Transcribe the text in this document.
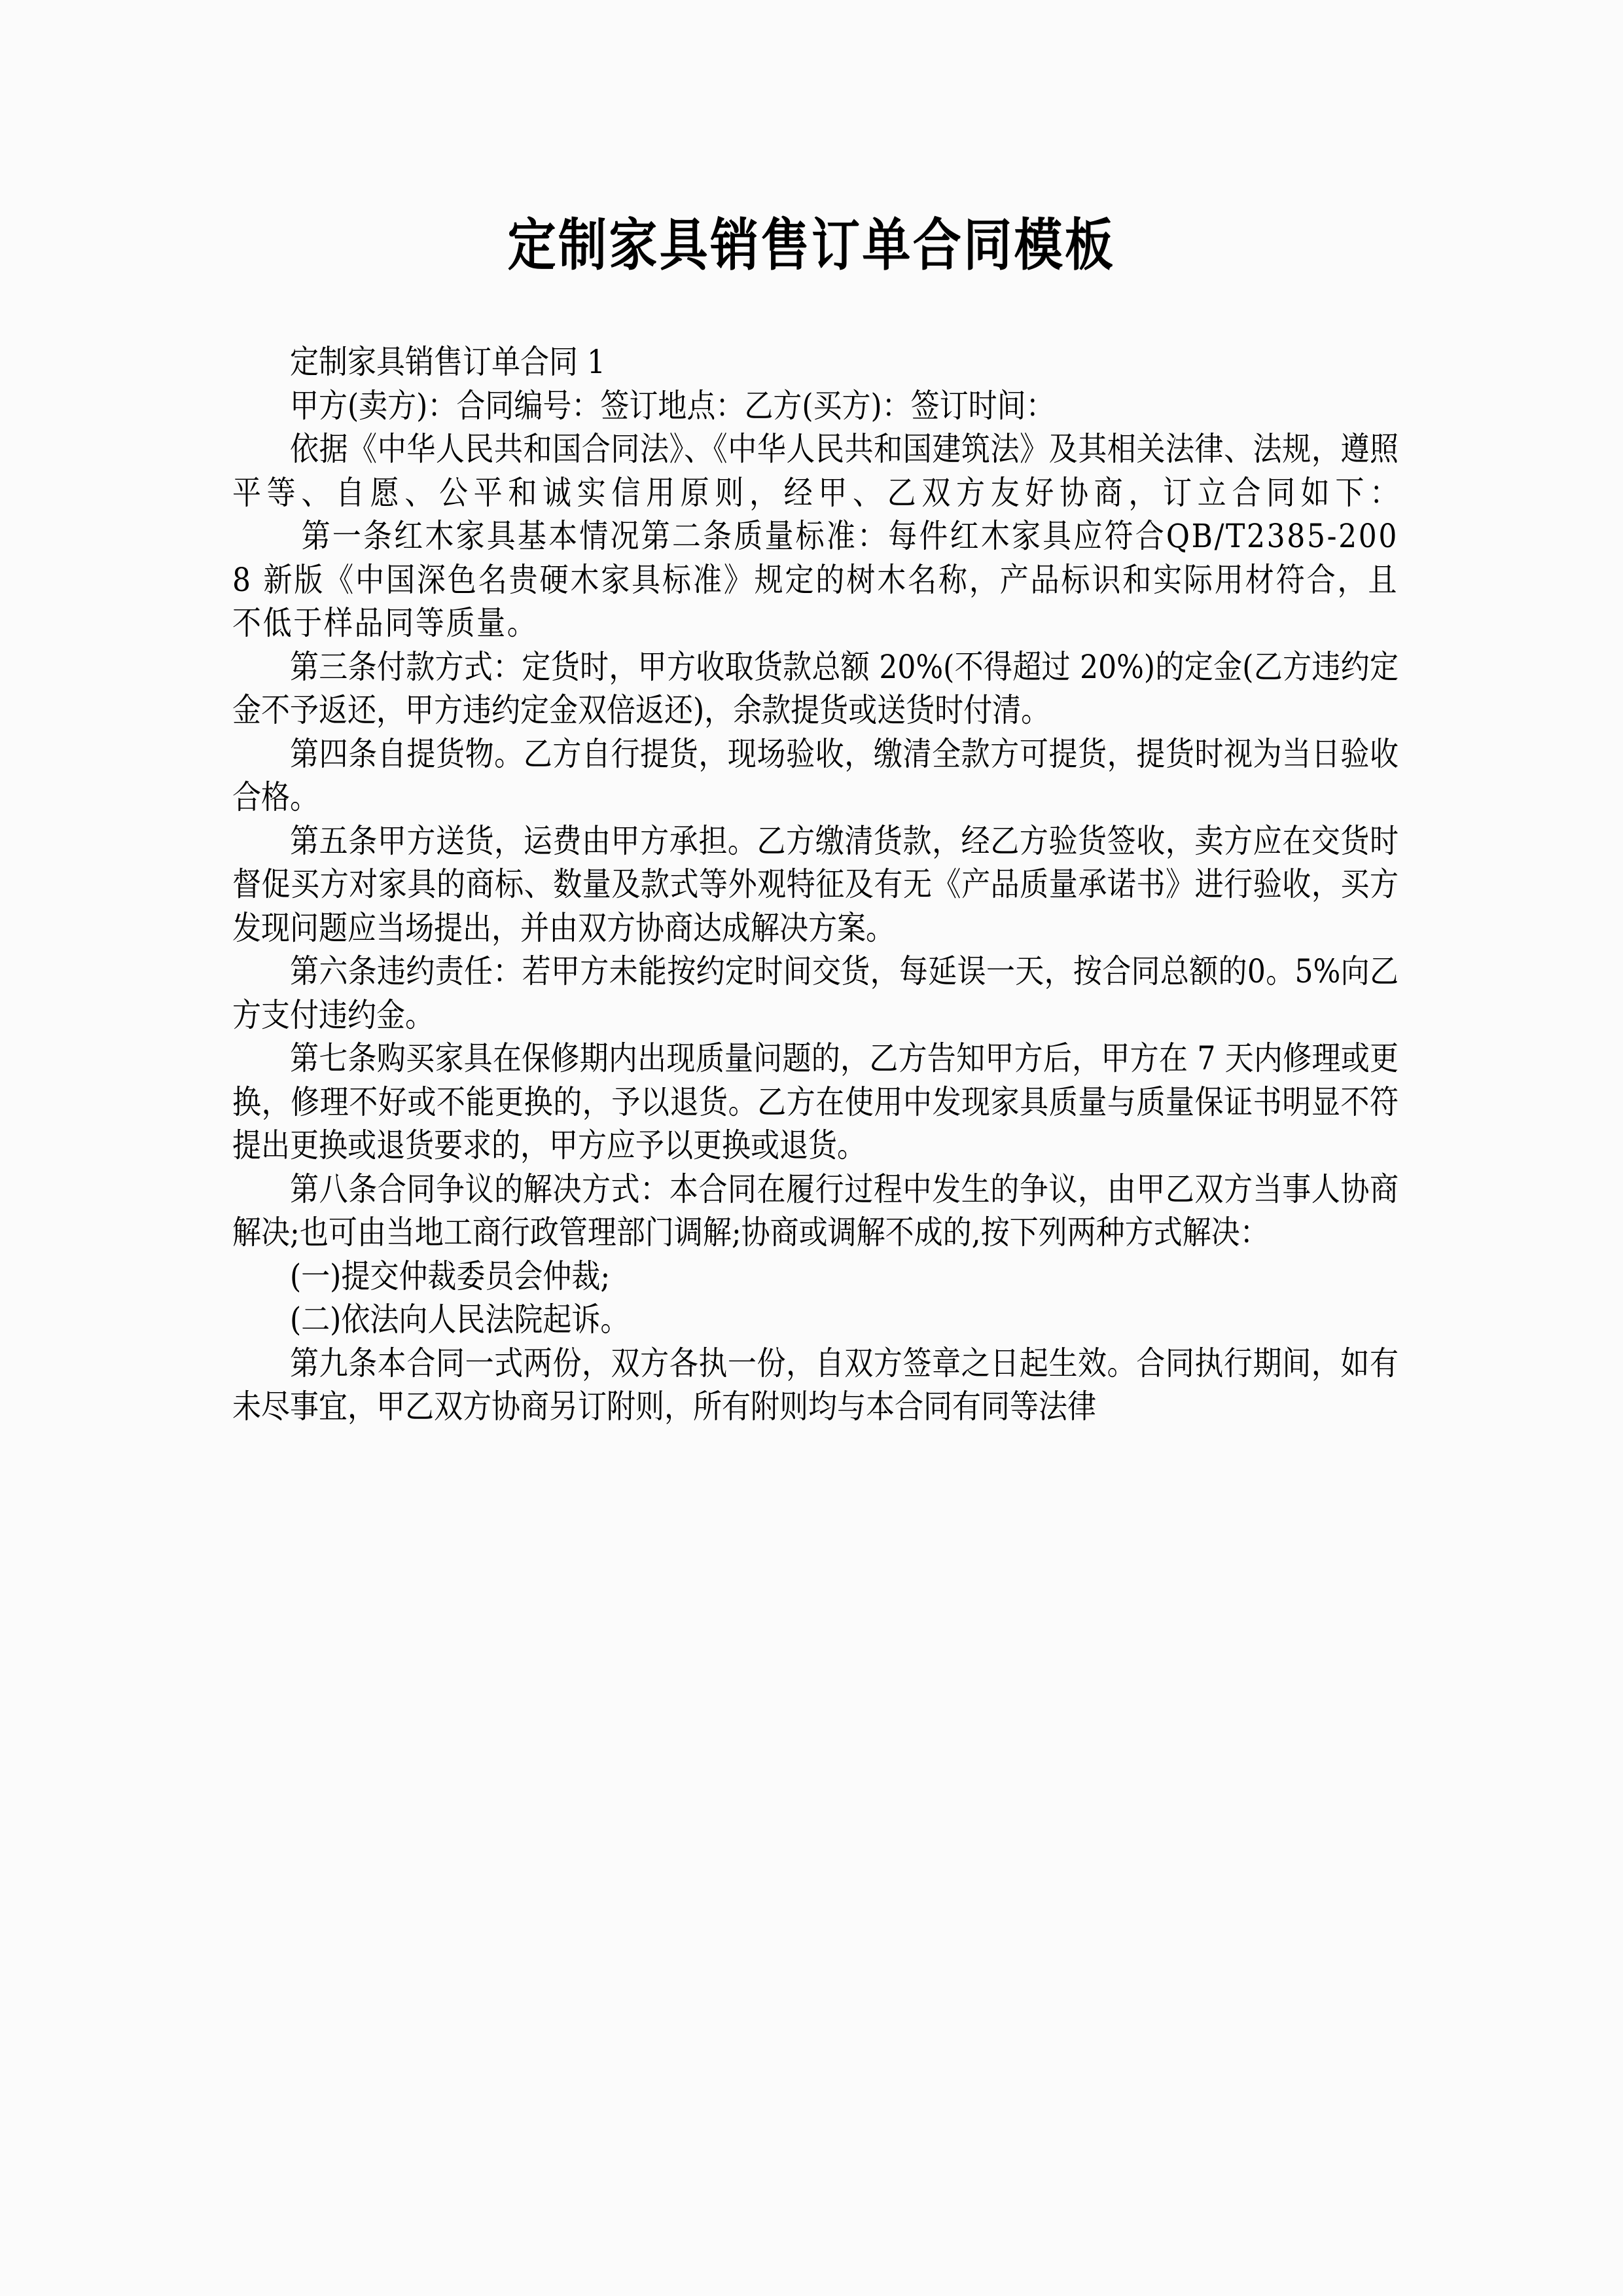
定制家具销售订单合同模板

定制家具销售订单合同 1

甲方(卖方)：合同编号：签订地点：乙方(买方)：签订时间：

依据《中华人民共和国合同法》、《中华人民共和国建筑法》及其相关法律、法规，遵照平等、自愿、公平和诚实信用原则，经甲、乙双方友好协商，订立合同如下：

第一条红木家具基本情况第二条质量标准：每件红木家具应符合QB/T2385-2008 新版《中国深色名贵硬木家具标准》规定的树木名称，产品标识和实际用材符合，且不低于样品同等质量。

第三条付款方式：定货时，甲方收取货款总额 20%(不得超过 20%)的定金(乙方违约定金不予返还，甲方违约定金双倍返还)，余款提货或送货时付清。

第四条自提货物。乙方自行提货，现场验收，缴清全款方可提货，提货时视为当日验收合格。

第五条甲方送货，运费由甲方承担。乙方缴清货款，经乙方验货签收，卖方应在交货时督促买方对家具的商标、数量及款式等外观特征及有无《产品质量承诺书》进行验收，买方发现问题应当场提出，并由双方协商达成解决方案。

第六条违约责任：若甲方未能按约定时间交货，每延误一天，按合同总额的0。5%向乙方支付违约金。

第七条购买家具在保修期内出现质量问题的，乙方告知甲方后，甲方在 7 天内修理或更换，修理不好或不能更换的，予以退货。乙方在使用中发现家具质量与质量保证书明显不符提出更换或退货要求的，甲方应予以更换或退货。

第八条合同争议的解决方式：本合同在履行过程中发生的争议，由甲乙双方当事人协商解决;也可由当地工商行政管理部门调解;协商或调解不成的,按下列两种方式解决：

(一)提交仲裁委员会仲裁;

(二)依法向人民法院起诉。

第九条本合同一式两份，双方各执一份，自双方签章之日起生效。合同执行期间，如有未尽事宜，甲乙双方协商另订附则，所有附则均与本合同有同等法律
